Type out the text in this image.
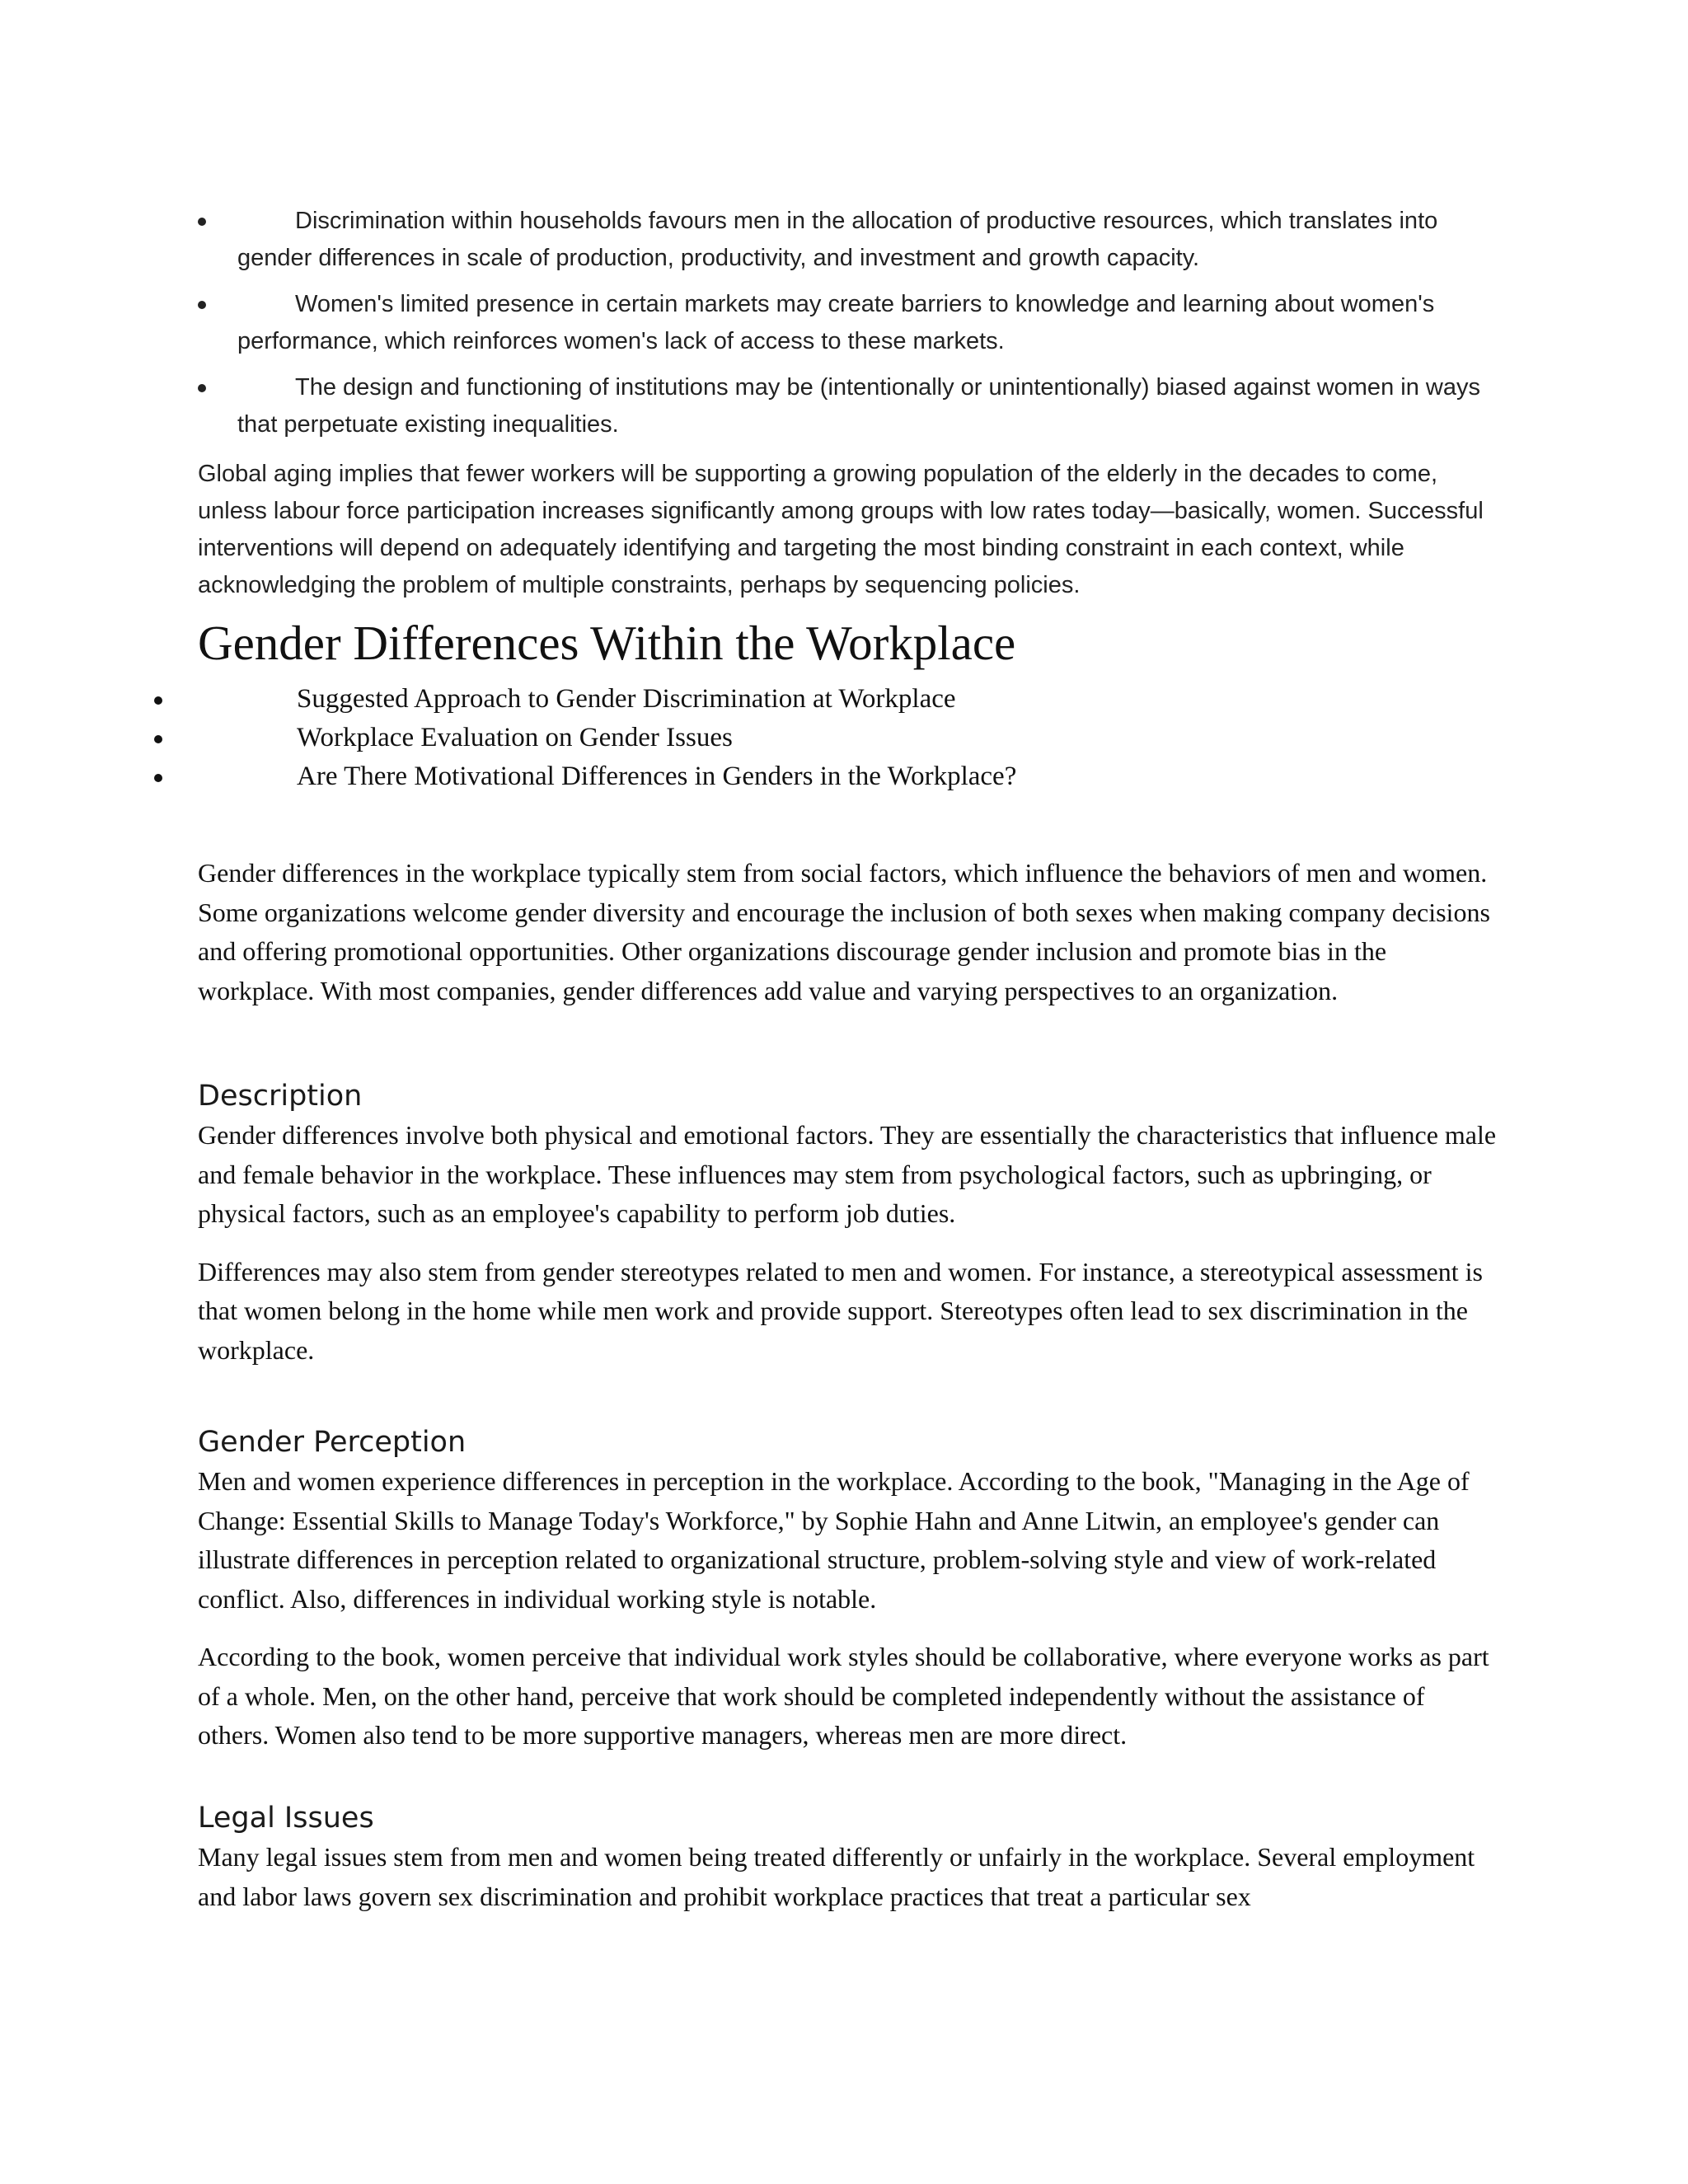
Discrimination within households favours men in the allocation of productive resources, which translates into gender differences in scale of production, productivity, and investment and growth capacity.
Women's limited presence in certain markets may create barriers to knowledge and learning about women's performance, which reinforces women's lack of access to these markets.
The design and functioning of institutions may be (intentionally or unintentionally) biased against women in ways that perpetuate existing inequalities.

Global aging implies that fewer workers will be supporting a growing population of the elderly in the decades to come, unless labour force participation increases significantly among groups with low rates today—basically, women. Successful interventions will depend on adequately identifying and targeting the most binding constraint in each context, while acknowledging the problem of multiple constraints, perhaps by sequencing policies.

Gender Differences Within the Workplace
Suggested Approach to Gender Discrimination at Workplace
Workplace Evaluation on Gender Issues
Are There Motivational Differences in Genders in the Workplace?

Gender differences in the workplace typically stem from social factors, which influence the behaviors of men and women. Some organizations welcome gender diversity and encourage the inclusion of both sexes when making company decisions and offering promotional opportunities. Other organizations discourage gender inclusion and promote bias in the workplace. With most companies, gender differences add value and varying perspectives to an organization.

Description

Gender differences involve both physical and emotional factors. They are essentially the characteristics that influence male and female behavior in the workplace. These influences may stem from psychological factors, such as upbringing, or physical factors, such as an employee's capability to perform job duties.

Differences may also stem from gender stereotypes related to men and women. For instance, a stereotypical assessment is that women belong in the home while men work and provide support. Stereotypes often lead to sex discrimination in the workplace.

Gender Perception

Men and women experience differences in perception in the workplace. According to the book, "Managing in the Age of Change: Essential Skills to Manage Today's Workforce," by Sophie Hahn and Anne Litwin, an employee's gender can illustrate differences in perception related to organizational structure, problem-solving style and view of work-related conflict. Also, differences in individual working style is notable.

According to the book, women perceive that individual work styles should be collaborative, where everyone works as part of a whole. Men, on the other hand, perceive that work should be completed independently without the assistance of others. Women also tend to be more supportive managers, whereas men are more direct.

Legal Issues

Many legal issues stem from men and women being treated differently or unfairly in the workplace. Several employment and labor laws govern sex discrimination and prohibit workplace practices that treat a particular sex
